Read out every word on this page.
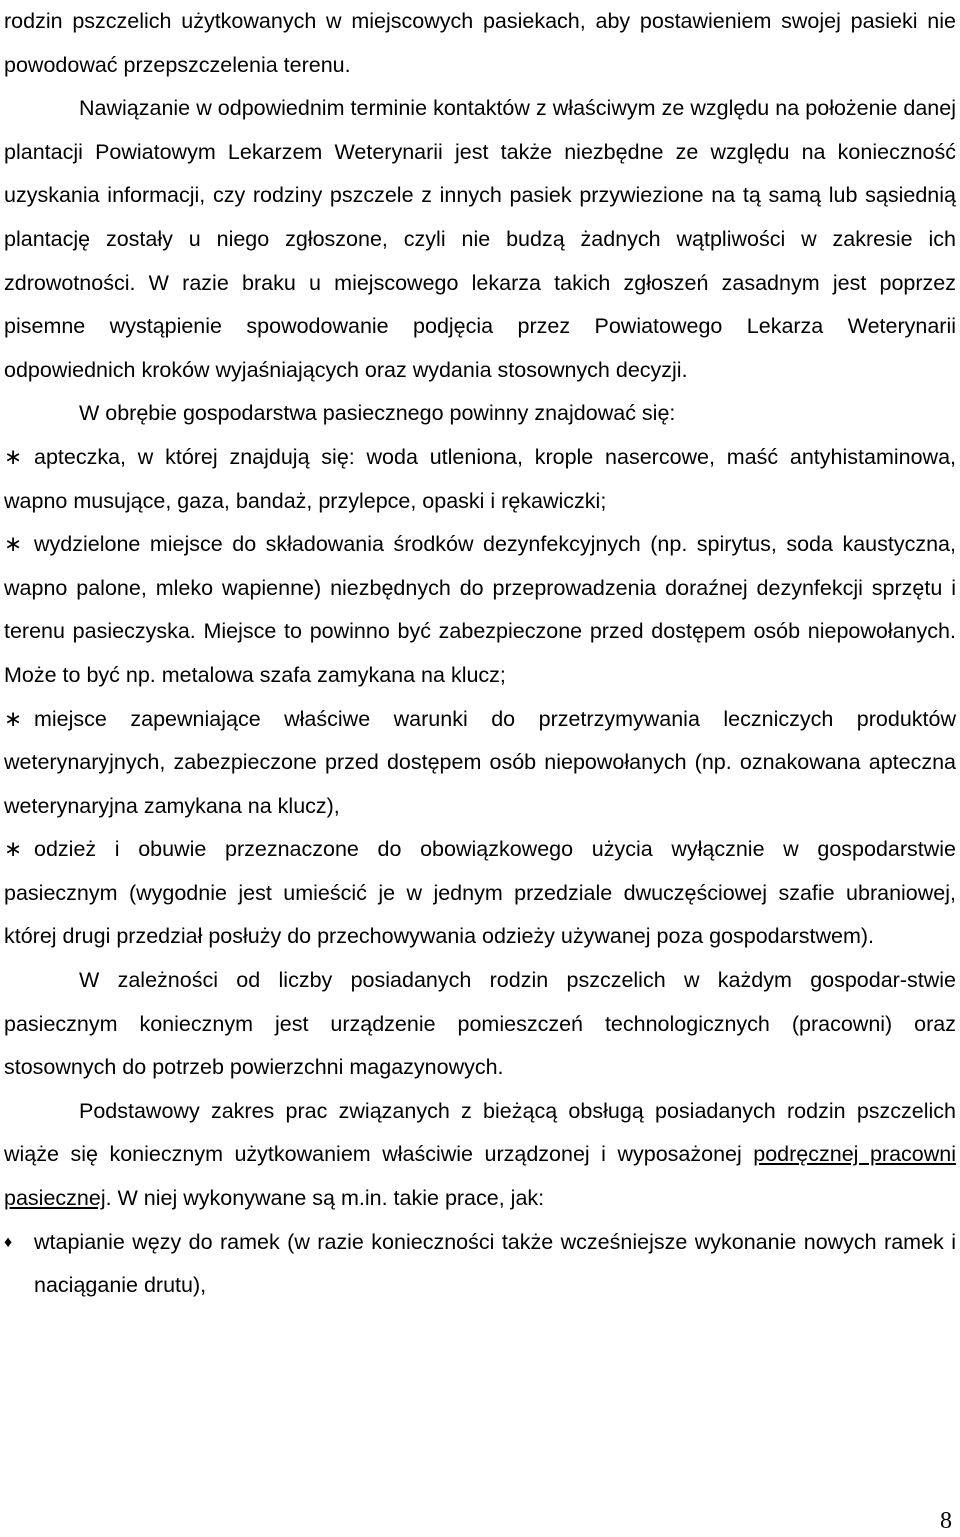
rodzin pszczelich użytkowanych w miejscowych pasiekach, aby postawieniem swojej pasieki nie powodować przepszczelenia terenu.

Nawiązanie w odpowiednim terminie kontaktów z właściwym ze względu na położenie danej plantacji Powiatowym Lekarzem Weterynarii jest także niezbędne ze względu na konieczność uzyskania informacji, czy rodziny pszczele z innych pasiek przywiezione na tą samą lub sąsiednią plantację zostały u niego zgłoszone, czyli nie budzą żadnych wątpliwości w zakresie ich zdrowotności. W razie braku u miejscowego lekarza takich zgłoszeń zasadnym jest poprzez pisemne wystąpienie spowodowanie podjęcia przez Powiatowego Lekarza Weterynarii odpowiednich kroków wyjaśniających oraz wydania stosownych decyzji.

W obrębie gospodarstwa pasiecznego powinny znajdować się:

∗ apteczka, w której znajdują się: woda utleniona, krople nasercowe, maść antyhistaminowa, wapno musujące, gaza, bandaż, przylepce, opaski i rękawiczki;

∗ wydzielone miejsce do składowania środków dezynfekcyjnych (np. spirytus, soda kaustyczna, wapno palone, mleko wapienne) niezbędnych do przeprowadzenia doraźnej dezynfekcji sprzętu i terenu pasieczyska. Miejsce to powinno być zabezpieczone przed dostępem osób niepowołanych. Może to być np. metalowa szafa zamykana na klucz;

∗ miejsce zapewniające właściwe warunki do przetrzymywania leczniczych produktów weterynaryjnych, zabezpieczone przed dostępem osób niepowołanych (np. oznakowana apteczna weterynaryjna zamykana na klucz),

∗ odzież i obuwie przeznaczone do obowiązkowego użycia wyłącznie w gospodarstwie pasiecznym (wygodnie jest umieścić je w jednym przedziale dwuczęściowej szafie ubraniowej, której drugi przedział posłuży do przechowywania odzieży używanej poza gospodarstwem).

W zależności od liczby posiadanych rodzin pszczelich w każdym gospodar-stwie pasiecznym koniecznym jest urządzenie pomieszczeń technologicznych (pracowni) oraz stosownych do potrzeb powierzchni magazynowych.

Podstawowy zakres prac związanych z bieżącą obsługą posiadanych rodzin pszczelich wiąże się koniecznym użytkowaniem właściwie urządzonej i wyposażonej podręcznej pracowni pasiecznej. W niej wykonywane są m.in. takie prace, jak:

♦ wtapianie węzy do ramek (w razie konieczności także wcześniejsze wykonanie nowych ramek i naciąganie drutu),

8
